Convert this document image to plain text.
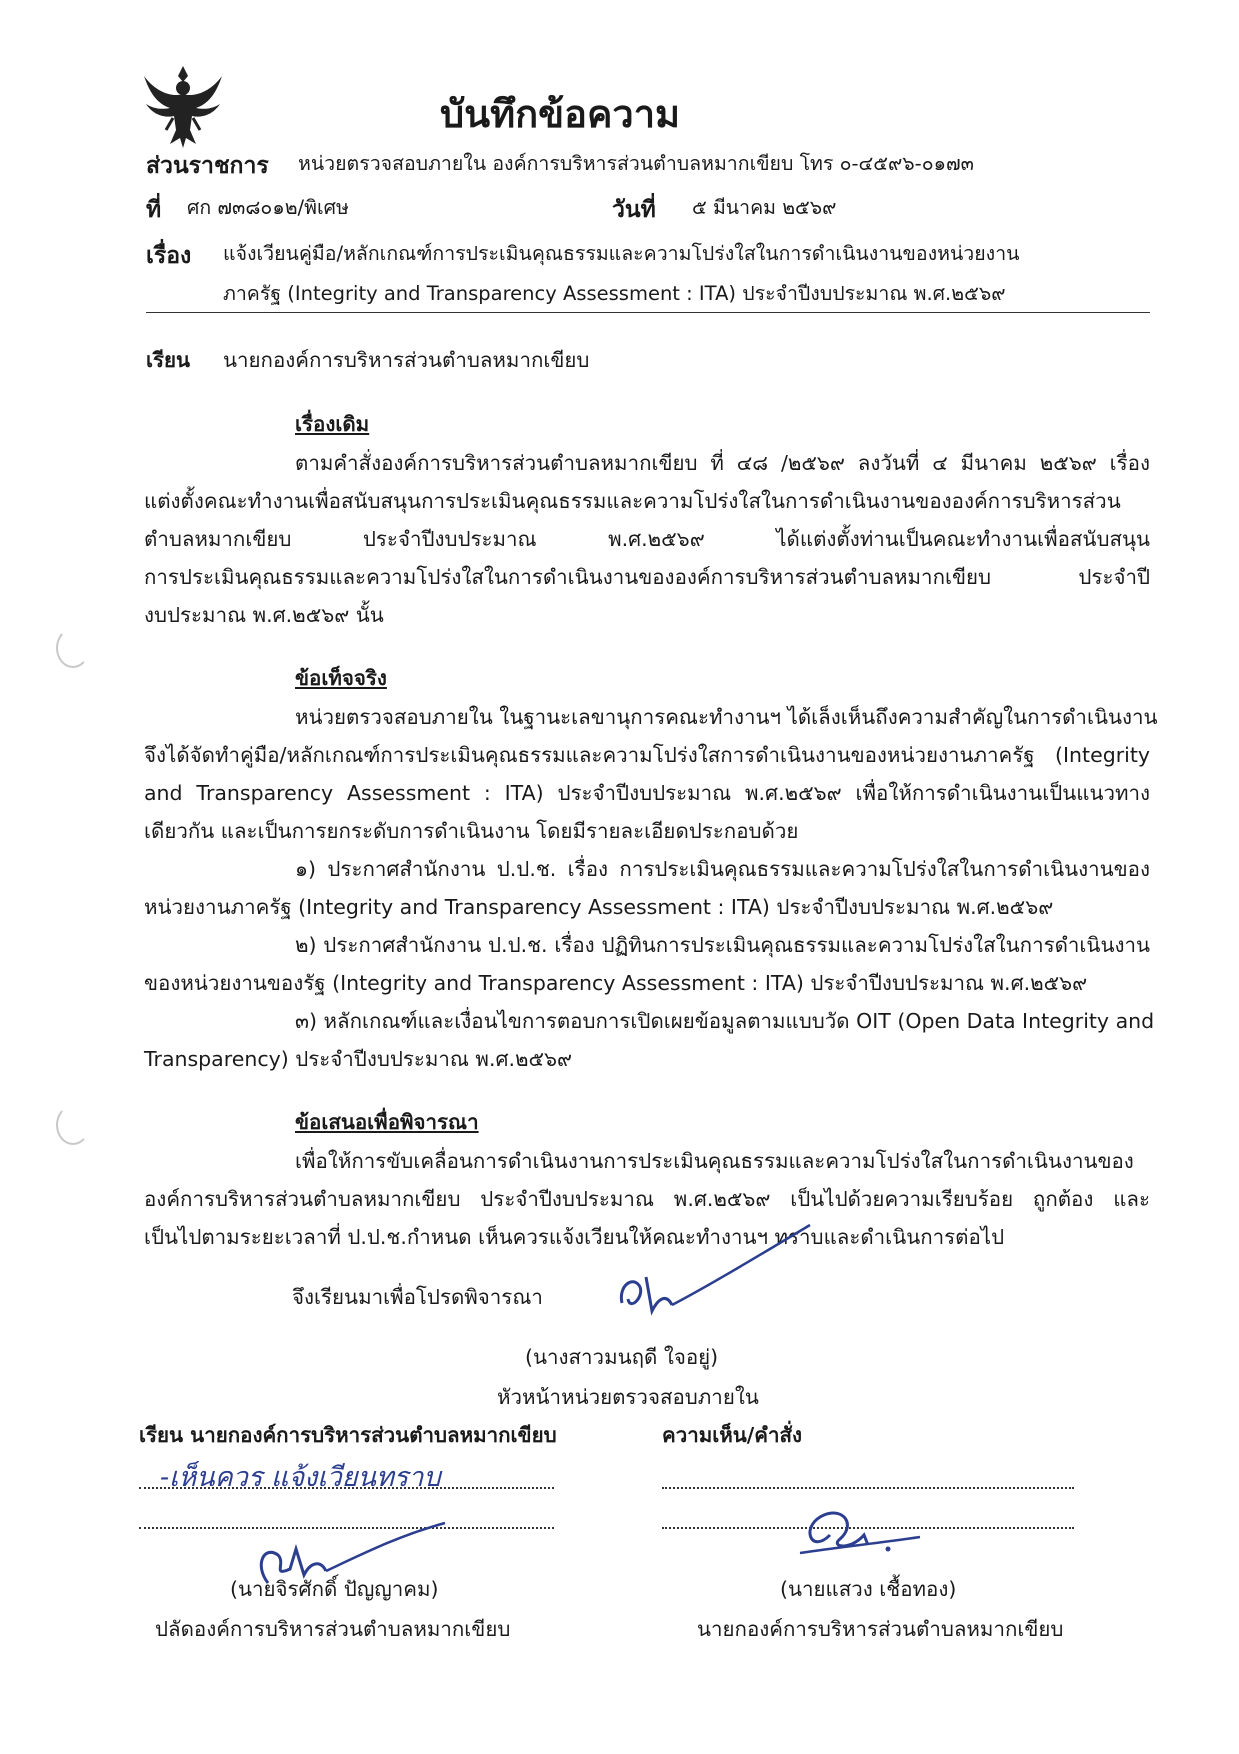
บันทึกข้อความ
ส่วนราชการ หน่วยตรวจสอบภายใน องค์การบริหารส่วนตำบลหมากเขียบ โทร ๐-๔๕๙๖-๐๑๗๓
ที่ ศก ๗๓๘๐๑๒/พิเศษ	วันที่ ๕ มีนาคม ๒๕๖๙
เรื่อง แจ้งเวียนคู่มือ/หลักเกณฑ์การประเมินคุณธรรมและความโปร่งใสในการดำเนินงานของหน่วยงาน
ภาครัฐ (Integrity and Transparency Assessment : ITA) ประจำปีงบประมาณ พ.ศ.๒๕๖๙
เรียน นายกองค์การบริหารส่วนตำบลหมากเขียบ
เรื่องเดิม
ตามคำสั่งองค์การบริหารส่วนตำบลหมากเขียบ ที่ ๔๘ /๒๕๖๙ ลงวันที่ ๔ มีนาคม ๒๕๖๙ เรื่อง
แต่งตั้งคณะทำงานเพื่อสนับสนุนการประเมินคุณธรรมและความโปร่งใสในการดำเนินงานขององค์การบริหารส่วน
ตำบลหมากเขียบ ประจำปีงบประมาณ พ.ศ.๒๕๖๙ ได้แต่งตั้งท่านเป็นคณะทำงานเพื่อสนับสนุน
การประเมินคุณธรรมและความโปร่งใสในการดำเนินงานขององค์การบริหารส่วนตำบลหมากเขียบ ประจำปี
งบประมาณ พ.ศ.๒๕๖๙ นั้น
ข้อเท็จจริง
หน่วยตรวจสอบภายใน ในฐานะเลขานุการคณะทำงานฯ ได้เล็งเห็นถึงความสำคัญในการดำเนินงาน
จึงได้จัดทำคู่มือ/หลักเกณฑ์การประเมินคุณธรรมและความโปร่งใสการดำเนินงานของหน่วยงานภาครัฐ (Integrity
and Transparency Assessment : ITA) ประจำปีงบประมาณ พ.ศ.๒๕๖๙ เพื่อให้การดำเนินงานเป็นแนวทาง
เดียวกัน และเป็นการยกระดับการดำเนินงาน โดยมีรายละเอียดประกอบด้วย
๑) ประกาศสำนักงาน ป.ป.ช. เรื่อง การประเมินคุณธรรมและความโปร่งใสในการดำเนินงานของ
หน่วยงานภาครัฐ (Integrity and Transparency Assessment : ITA) ประจำปีงบประมาณ พ.ศ.๒๕๖๙
๒) ประกาศสำนักงาน ป.ป.ช. เรื่อง ปฏิทินการประเมินคุณธรรมและความโปร่งใสในการดำเนินงาน
ของหน่วยงานของรัฐ (Integrity and Transparency Assessment : ITA) ประจำปีงบประมาณ พ.ศ.๒๕๖๙
๓) หลักเกณฑ์และเงื่อนไขการตอบการเปิดเผยข้อมูลตามแบบวัด OIT (Open Data Integrity and
Transparency) ประจำปีงบประมาณ พ.ศ.๒๕๖๙
ข้อเสนอเพื่อพิจารณา
เพื่อให้การขับเคลื่อนการดำเนินงานการประเมินคุณธรรมและความโปร่งใสในการดำเนินงานของ
องค์การบริหารส่วนตำบลหมากเขียบ ประจำปีงบประมาณ พ.ศ.๒๕๖๙ เป็นไปด้วยความเรียบร้อย ถูกต้อง และ
เป็นไปตามระยะเวลาที่ ป.ป.ช.กำหนด เห็นควรแจ้งเวียนให้คณะทำงานฯ ทราบและดำเนินการต่อไป
จึงเรียนมาเพื่อโปรดพิจารณา
(นางสาวมนฤดี ใจอยู่)
หัวหน้าหน่วยตรวจสอบภายใน
เรียน นายกองค์การบริหารส่วนตำบลหมากเขียบ
-เห็นควร แจ้งเวียนทราบ
(นายจิรศักดิ์ ปัญญาคม)
ปลัดองค์การบริหารส่วนตำบลหมากเขียบ
ความเห็น/คำสั่ง
(นายแสวง เชื้อทอง)
นายกองค์การบริหารส่วนตำบลหมากเขียบ
